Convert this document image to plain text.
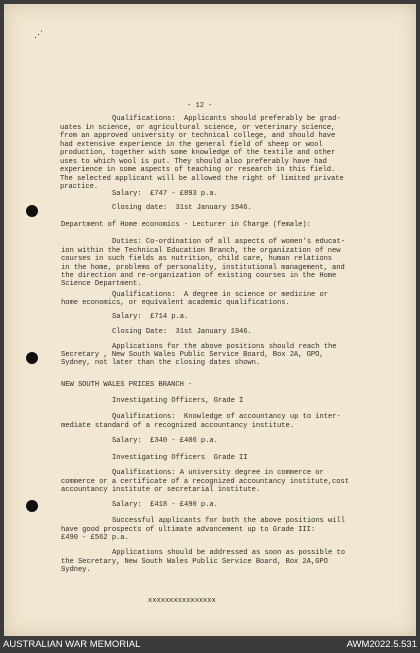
⋰
- 12 -
Qualifications:  Applicants should preferably be grad-
uates in science, or agricultural science, or veterinary science,
from an approved university or technical college, and should have
had extensive experience in the general field of sheep or wool
production, together with some knowledge of the textile and other
uses to which wool is put. They should also preferably have had
experience in some aspects of teaching or research in this field.
The selected applicant will be allowed the right of limited private
practice.
Salary:  £747 - £893 p.a.
Closing date:  31st January 1946.
Department of Home economics - Lecturer in Charge (female):
Duties: Co-ordination of all aspects of women's educat-
ion within the Technical Education Branch, the organization of new
courses in such fields as nutrition, child care, human relations
in the home, problems of personality, institutional management, and
the direction and re-organization of existing courses in the Home
Science Department.
Qualifications:  A degree in science or medicine or
home economics, or equivalent academic qualifications.
Salary:  £714 p.a.
Closing Date:  31st January 1946.
Applications for the above positions should reach the
Secretary , New South Wales Public Service Board, Box 2A, GPO,
Sydney, not later than the closing dates shown.
NEW SOUTH WALES PRICES BRANCH -
Investigating Officers, Grade I
Qualifications:  Knowledge of accountancy up to inter-
mediate standard of a recognized accountancy institute.
Salary:  £340 - £406 p.a.
Investigating Officers  Grade II
Qualifications: A university degree in commerce or
commerce or a certificate of a recognized accountancy institute,cost
accountancy institute or secretarial institute.
Salary:  £418 - £490 p.a.
Successful applicants for both the above positions will
have good prospects of ultimate advancement up to Grade III:
£490 - £562 p.a.
Applications should be addressed as soon as possible to
the Secretary, New South Wales Public Service Board, Box 2A,GPO
Sydney.
xxxxxxxxxxxxxxxx
AUSTRALIAN WAR MEMORIAL	AWM2022.5.531
